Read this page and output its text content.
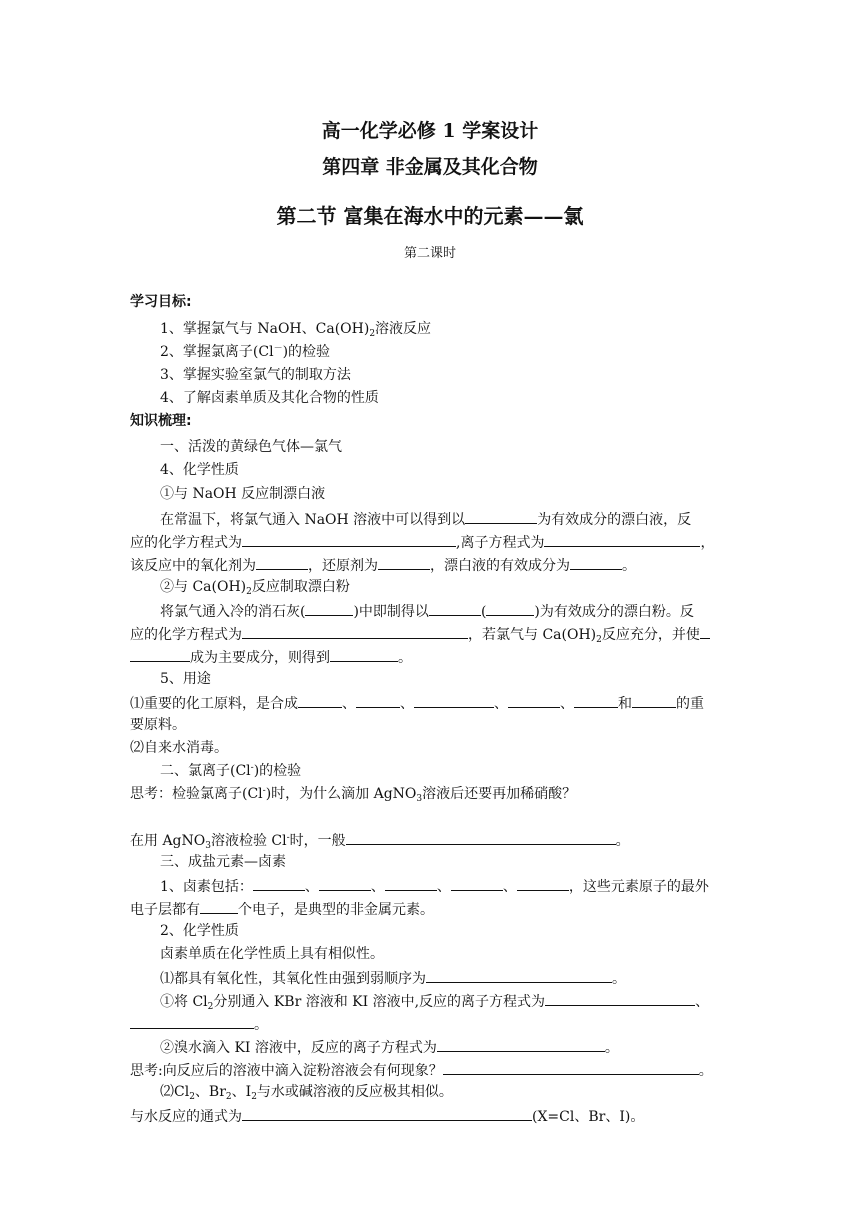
高一化学必修 1 学案设计
第四章 非金属及其化合物
第二节 富集在海水中的元素——氯
第二课时
学习目标:
1、掌握氯气与 NaOH、$Ca(OH)_2$溶液反应
2、掌握氯离子(Cl－)的检验
3、掌握实验室氯气的制取方法
4、了解卤素单质及其化合物的性质
知识梳理:
一、活泼的黄绿色气体—氯气
4、化学性质
①与 NaOH 反应制漂白液
在常温下，将氯气通入 NaOH 溶液中可以得到以	为有效成分的漂白液，反
应的化学方程式为	,离子方程式为	，
该反应中的氧化剂为	，还原剂为	，漂白液的有效成分为	。
②与 $Ca(OH)_2$反应制取漂白粉
将氯气通入冷的消石灰(	)中即制得以	(	)为有效成分的漂白粉。反
应的化学方程式为	，若氯气与 $Ca(OH)_2$反应充分，并使
成为主要成分，则得到	。
5、用途
⑴重要的化工原料，是合成	、	、	、	、	和	的重
要原料。
⑵自来水消毒。
二、氯离子(Cl-)的检验
思考：检验氯离子(Cl-)时，为什么滴加 AgNO$_3$溶液后还要再加稀硝酸？
在用 AgNO$_3$溶液检验 Cl-时，一般	。
三、成盐元素—卤素
1、卤素包括：	、	、	、	、	，这些元素原子的最外
电子层都有	个电子，是典型的非金属元素。
2、化学性质
卤素单质在化学性质上具有相似性。
⑴都具有氧化性，其氧化性由强到弱顺序为	。
①将 $Cl_2$分别通入 KBr 溶液和 KI 溶液中,反应的离子方程式为	、
。
②溴水滴入 KI 溶液中，反应的离子方程式为	。
思考:向反应后的溶液中滴入淀粉溶液会有何现象？	。
$⑵Cl_2$、$Br_2$、$I_2$与水或碱溶液的反应极其相似。
与水反应的通式为	(X=Cl、Br、I)。
